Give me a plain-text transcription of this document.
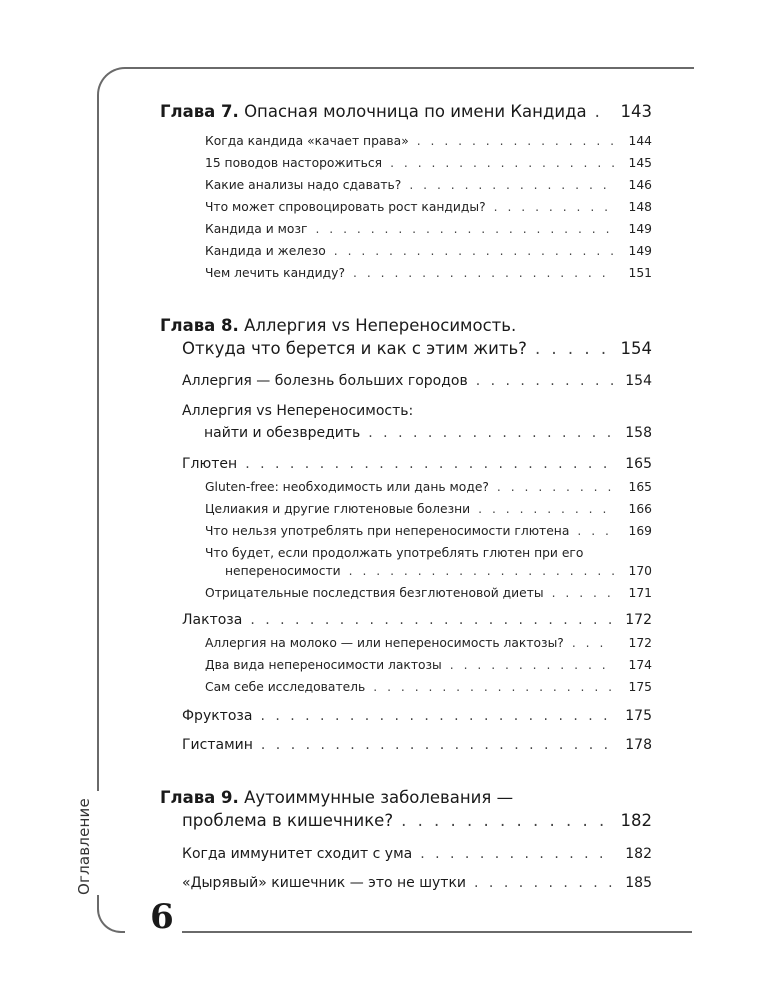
Оглавление
6
Глава 7. Опасная молочница по имени Кандида . . . 143
Когда кандида «качает права» . . .	144
15 поводов насторожиться . . .	145
Какие анализы надо сдавать? . . .	146
Что может спровоцировать рост кандиды? . . .	148
Кандида и мозг . . .	149
Кандида и железо . . .	149
Чем лечить кандиду? . . .	151
Глава 8. Аллергия vs Непереносимость.
Откуда что берется и как с этим жить? . . .	154
Аллергия — болезнь больших городов . . .	154
Аллергия vs Непереносимость:
найти и обезвредить . . .	158
Глютен . . .	165
Gluten-free: необходимость или дань моде? . . .	165
Целиакия и другие глютеновые болезни . . .	166
Что нельзя употреблять при непереносимости глютена . . .	169
Что будет, если продолжать употреблять глютен при его
непереносимости . . .	170
Отрицательные последствия безглютеновой диеты . . .	171
Лактоза . . .	172
Аллергия на молоко — или непереносимость лактозы? . . .	172
Два вида непереносимости лактозы . . .	174
Сам себе исследователь . . .	175
Фруктоза . . .	175
Гистамин . . .	178
Глава 9. Аутоиммунные заболевания —
проблема в кишечнике? . . .	182
Когда иммунитет сходит с ума . . .	182
«Дырявый» кишечник — это не шутки . . .	185
